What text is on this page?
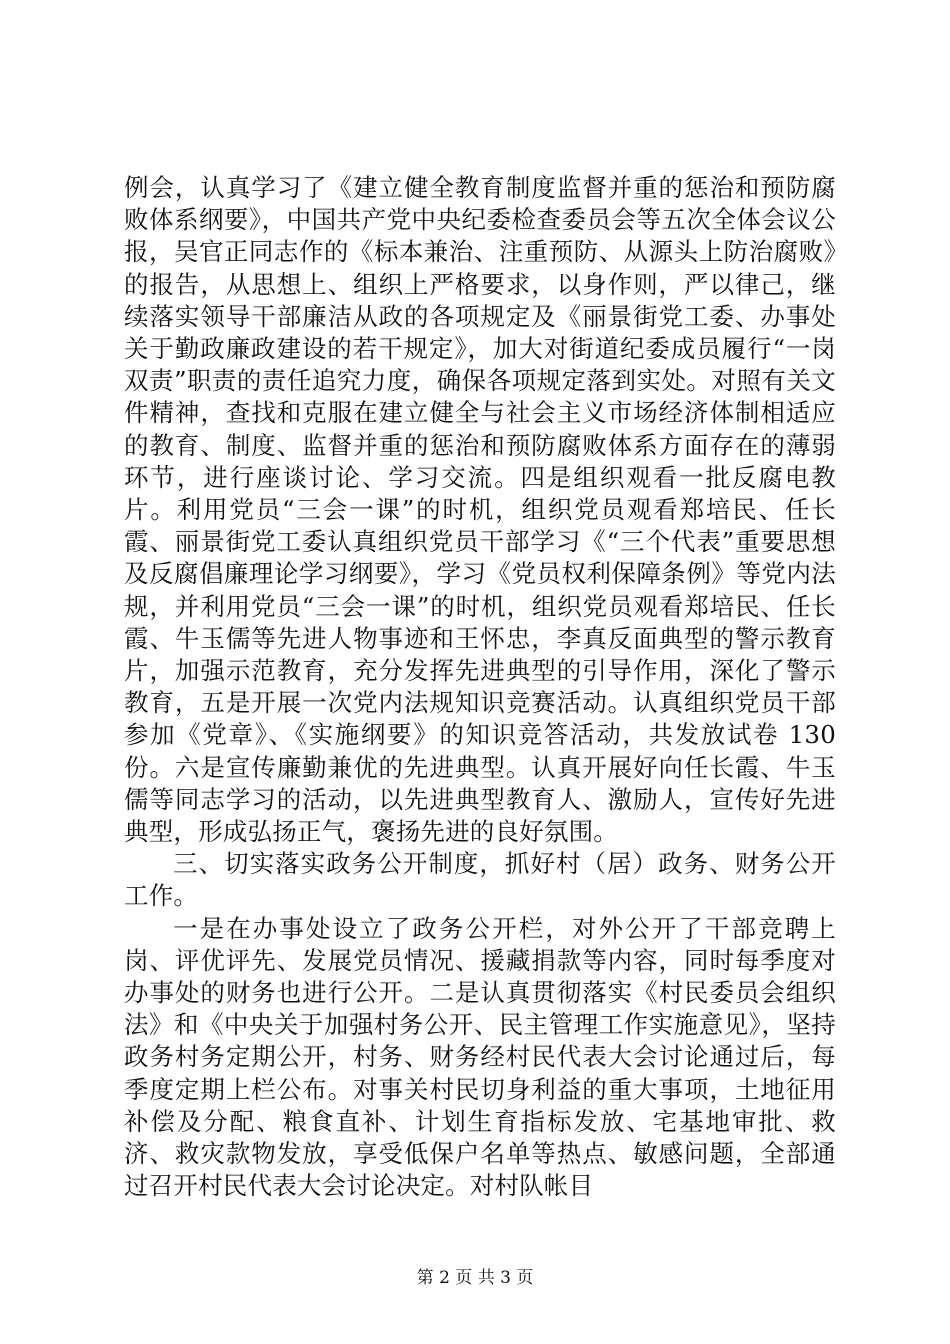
例会，认真学习了《建立健全教育制度监督并重的惩治和预防腐败体系纲要》，中国共产党中央纪委检查委员会等五次全体会议公报，吴官正同志作的《标本兼治、注重预防、从源头上防治腐败》的报告，从思想上、组织上严格要求，以身作则，严以律己，继续落实领导干部廉洁从政的各项规定及《丽景街党工委、办事处关于勤政廉政建设的若干规定》，加大对街道纪委成员履行“一岗双责”职责的责任追究力度，确保各项规定落到实处。对照有关文件精神，查找和克服在建立健全与社会主义市场经济体制相适应的教育、制度、监督并重的惩治和预防腐败体系方面存在的薄弱环节，进行座谈讨论、学习交流。四是组织观看一批反腐电教片。利用党员“三会一课”的时机，组织党员观看郑培民、任长霞、丽景街党工委认真组织党员干部学习《“三个代表”重要思想及反腐倡廉理论学习纲要》，学习《党员权利保障条例》等党内法规，并利用党员“三会一课”的时机，组织党员观看郑培民、任长霞、牛玉儒等先进人物事迹和王怀忠，李真反面典型的警示教育片，加强示范教育，充分发挥先进典型的引导作用，深化了警示教育，五是开展一次党内法规知识竞赛活动。认真组织党员干部参加《党章》、《实施纲要》的知识竞答活动，共发放试卷 130 份。六是宣传廉勤兼优的先进典型。认真开展好向任长霞、牛玉儒等同志学习的活动，以先进典型教育人、激励人，宣传好先进典型，形成弘扬正气，褒扬先进的良好氛围。

三、切实落实政务公开制度，抓好村（居）政务、财务公开工作。

一是在办事处设立了政务公开栏，对外公开了干部竞聘上岗、评优评先、发展党员情况、援藏捐款等内容，同时每季度对办事处的财务也进行公开。二是认真贯彻落实《村民委员会组织法》和《中央关于加强村务公开、民主管理工作实施意见》，坚持政务村务定期公开，村务、财务经村民代表大会讨论通过后，每季度定期上栏公布。对事关村民切身利益的重大事项，土地征用补偿及分配、粮食直补、计划生育指标发放、宅基地审批、救济、救灾款物发放，享受低保户名单等热点、敏感问题，全部通过召开村民代表大会讨论决定。对村队帐目

第 2 页 共 3 页
